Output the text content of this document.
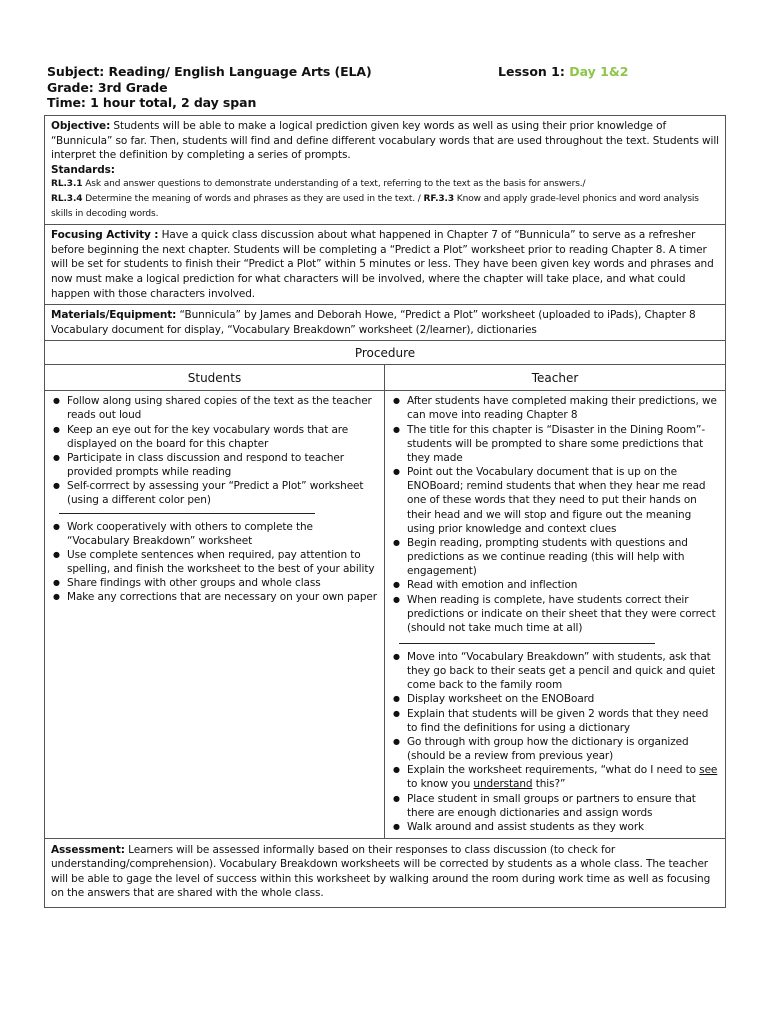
Subject: Reading/ English Language Arts (ELA)
Grade: 3rd Grade
Time: 1 hour total, 2 day span
Lesson 1: Day 1&2
Objective: Students will be able to make a logical prediction given key words as well as using their prior knowledge of “Bunnicula” so far. Then, students will find and define different vocabulary words that are used throughout the text. Students will interpret the definition by completing a series of prompts.
Standards:
RL.3.1 Ask and answer questions to demonstrate understanding of a text, referring to the text as the basis for answers./
RL.3.4 Determine the meaning of words and phrases as they are used in the text. / RF.3.3 Know and apply grade-level phonics and word analysis skills in decoding words.
Focusing Activity : Have a quick class discussion about what happened in Chapter 7 of “Bunnicula” to serve as a refresher before beginning the next chapter. Students will be completing a “Predict a Plot” worksheet prior to reading Chapter 8. A timer will be set for students to finish their “Predict a Plot” within 5 minutes or less. They have been given key words and phrases and now must make a logical prediction for what characters will be involved, where the chapter will take place, and what could happen with those characters involved.
Materials/Equipment: “Bunnicula” by James and Deborah Howe, “Predict a Plot” worksheet (uploaded to iPads), Chapter 8 Vocabulary document for display, “Vocabulary Breakdown” worksheet (2/learner), dictionaries
Procedure
Students
● Follow along using shared copies of the text as the teacher reads out loud
● Keep an eye out for the key vocabulary words that are displayed on the board for this chapter
● Participate in class discussion and respond to teacher provided prompts while reading
● Self-corrrect by assessing your “Predict a Plot” worksheet (using a different color pen)
● Work cooperatively with others to complete the “Vocabulary Breakdown” worksheet
● Use complete sentences when required, pay attention to spelling, and finish the worksheet to the best of your ability
● Share findings with other groups and whole class
● Make any corrections that are necessary on your own paper
Teacher
● After students have completed making their predictions, we can move into reading Chapter 8
● The title for this chapter is “Disaster in the Dining Room”- students will be prompted to share some predictions that they made
● Point out the Vocabulary document that is up on the ENOBoard; remind students that when they hear me read one of these words that they need to put their hands on their head and we will stop and figure out the meaning using prior knowledge and context clues
● Begin reading, prompting students with questions and predictions as we continue reading (this will help with engagement)
● Read with emotion and inflection
● When reading is complete, have students correct their predictions or indicate on their sheet that they were correct (should not take much time at all)
● Move into “Vocabulary Breakdown” with students, ask that they go back to their seats get a pencil and quick and quiet come back to the family room
● Display worksheet on the ENOBoard
● Explain that students will be given 2 words that they need to find the definitions for using a dictionary
● Go through with group how the dictionary is organized (should be a review from previous year)
● Explain the worksheet requirements, “what do I need to see to know you understand this?”
● Place student in small groups or partners to ensure that there are enough dictionaries and assign words
● Walk around and assist students as they work
Assessment: Learners will be assessed informally based on their responses to class discussion (to check for understanding/comprehension). Vocabulary Breakdown worksheets will be corrected by students as a whole class. The teacher will be able to gage the level of success within this worksheet by walking around the room during work time as well as focusing on the answers that are shared with the whole class.
